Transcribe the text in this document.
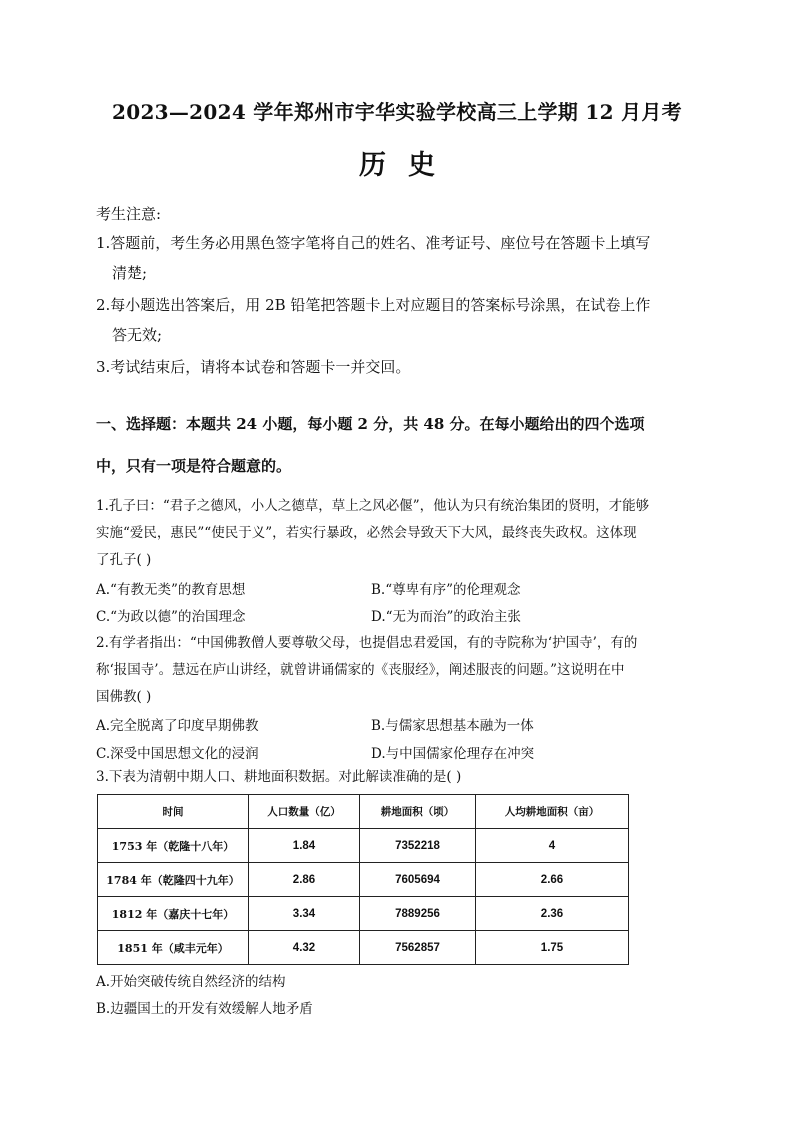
2023—2024 学年郑州市宇华实验学校高三上学期 12 月月考
历史
考生注意:
1.答题前，考生务必用黑色签字笔将自己的姓名、准考证号、座位号在答题卡上填写
清楚;
2.每小题选出答案后，用 2B 铅笔把答题卡上对应题目的答案标号涂黑，在试卷上作
答无效;
3.考试结束后，请将本试卷和答题卡一并交回。
一、选择题：本题共 24 小题，每小题 2 分，共 48 分。在每小题给出的四个选项
中，只有一项是符合题意的。
1.孔子曰：“君子之德风，小人之德草，草上之风必偃”，他认为只有统治集团的贤明，才能够
实施“爱民，惠民”“使民于义”，若实行暴政，必然会导致天下大风，最终丧失政权。这体现
了孔子( )
A.“有教无类”的教育思想	B.“尊卑有序”的伦理观念
C.“为政以德”的治国理念	D.“无为而治”的政治主张
2.有学者指出：“中国佛教僧人要尊敬父母，也提倡忠君爱国，有的寺院称为‘护国寺’，有的
称‘报国寺’。慧远在庐山讲经，就曾讲诵儒家的《丧服经》，阐述服丧的问题。”这说明在中
国佛教( )
A.完全脱离了印度早期佛教	B.与儒家思想基本融为一体
C.深受中国思想文化的浸润	D.与中国儒家伦理存在冲突
3.下表为清朝中期人口、耕地面积数据。对此解读准确的是( )
时间	人口数量（亿）	耕地面积（顷）	人均耕地面积（亩）
1753 年（乾隆十八年）	1.84	7352218	4
1784 年（乾隆四十九年）	2.86	7605694	2.66
1812 年（嘉庆十七年）	3.34	7889256	2.36
1851 年（咸丰元年）	4.32	7562857	1.75
A.开始突破传统自然经济的结构
B.边疆国土的开发有效缓解人地矛盾
